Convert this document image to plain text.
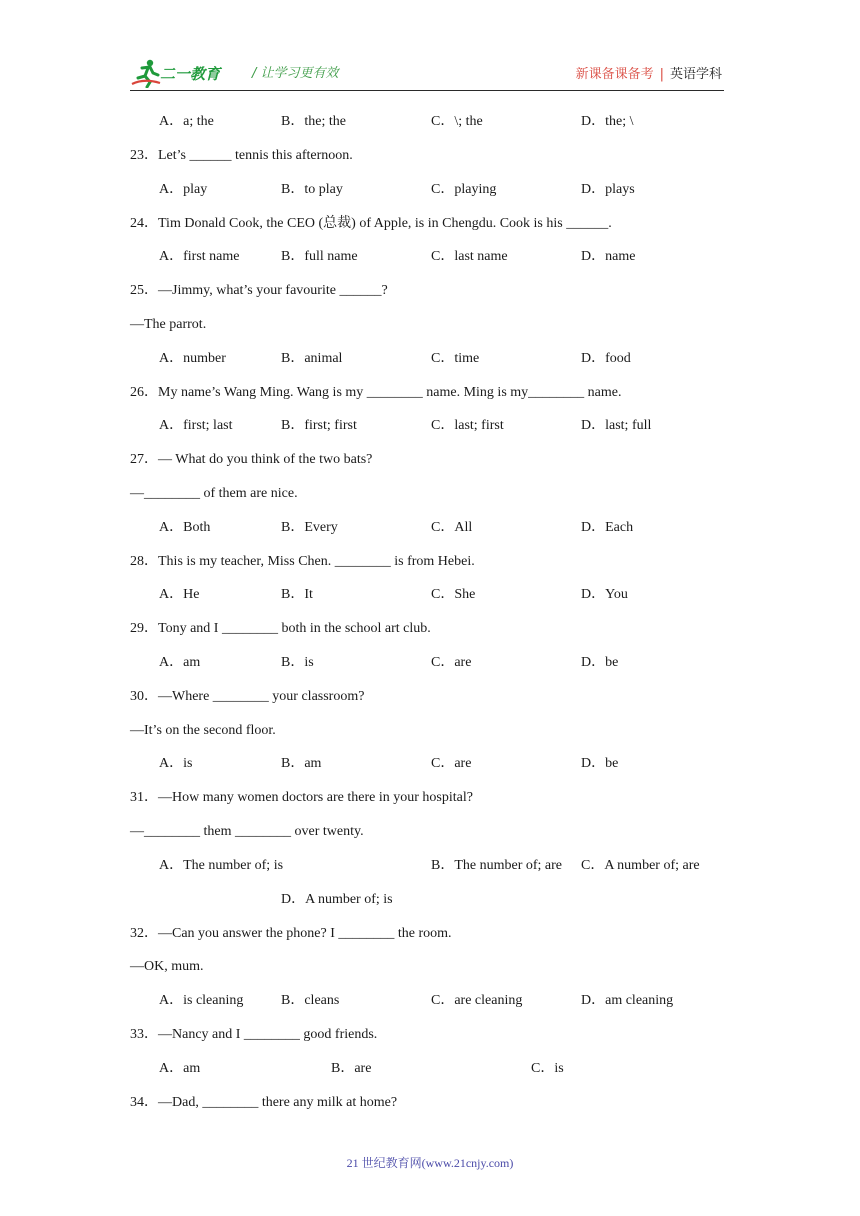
二一教育 / 让学习更有效	新课备课备考 | 英语学科
A．a; the	B．the; the	C．\; the	D．the; \
23．Let’s ______ tennis this afternoon.
A．play	B．to play	C．playing	D．plays
24．Tim Donald Cook, the CEO (总裁) of Apple, is in Chengdu. Cook is his ______.
A．first name	B．full name	C．last name	D．name
25．—Jimmy, what’s your favourite ______?
—The parrot.
A．number	B．animal	C．time	D．food
26．My name’s Wang Ming. Wang is my ________ name. Ming is my________ name.
A．first; last	B．first; first	C．last; first	D．last; full
27．— What do you think of the two bats?
—________ of them are nice.
A．Both	B．Every	C．All	D．Each
28．This is my teacher, Miss Chen. ________ is from Hebei.
A．He	B．It	C．She	D．You
29．Tony and I ________ both in the school art club.
A．am	B．is	C．are	D．be
30．—Where ________ your classroom?
—It’s on the second floor.
A．is	B．am	C．are	D．be
31．—How many women doctors are there in your hospital?
—________ them ________ over twenty.
A．The number of; is	B．The number of; are C．A number of; are
D．A number of; is
32．—Can you answer the phone? I ________ the room.
—OK, mum.
A．is cleaning	B．cleans	C．are cleaning	D．am cleaning
33．—Nancy and I ________ good friends.
A．am	B．are	C．is
34．—Dad, ________ there any milk at home?
21 世纪教育网(www.21cnjy.com)
